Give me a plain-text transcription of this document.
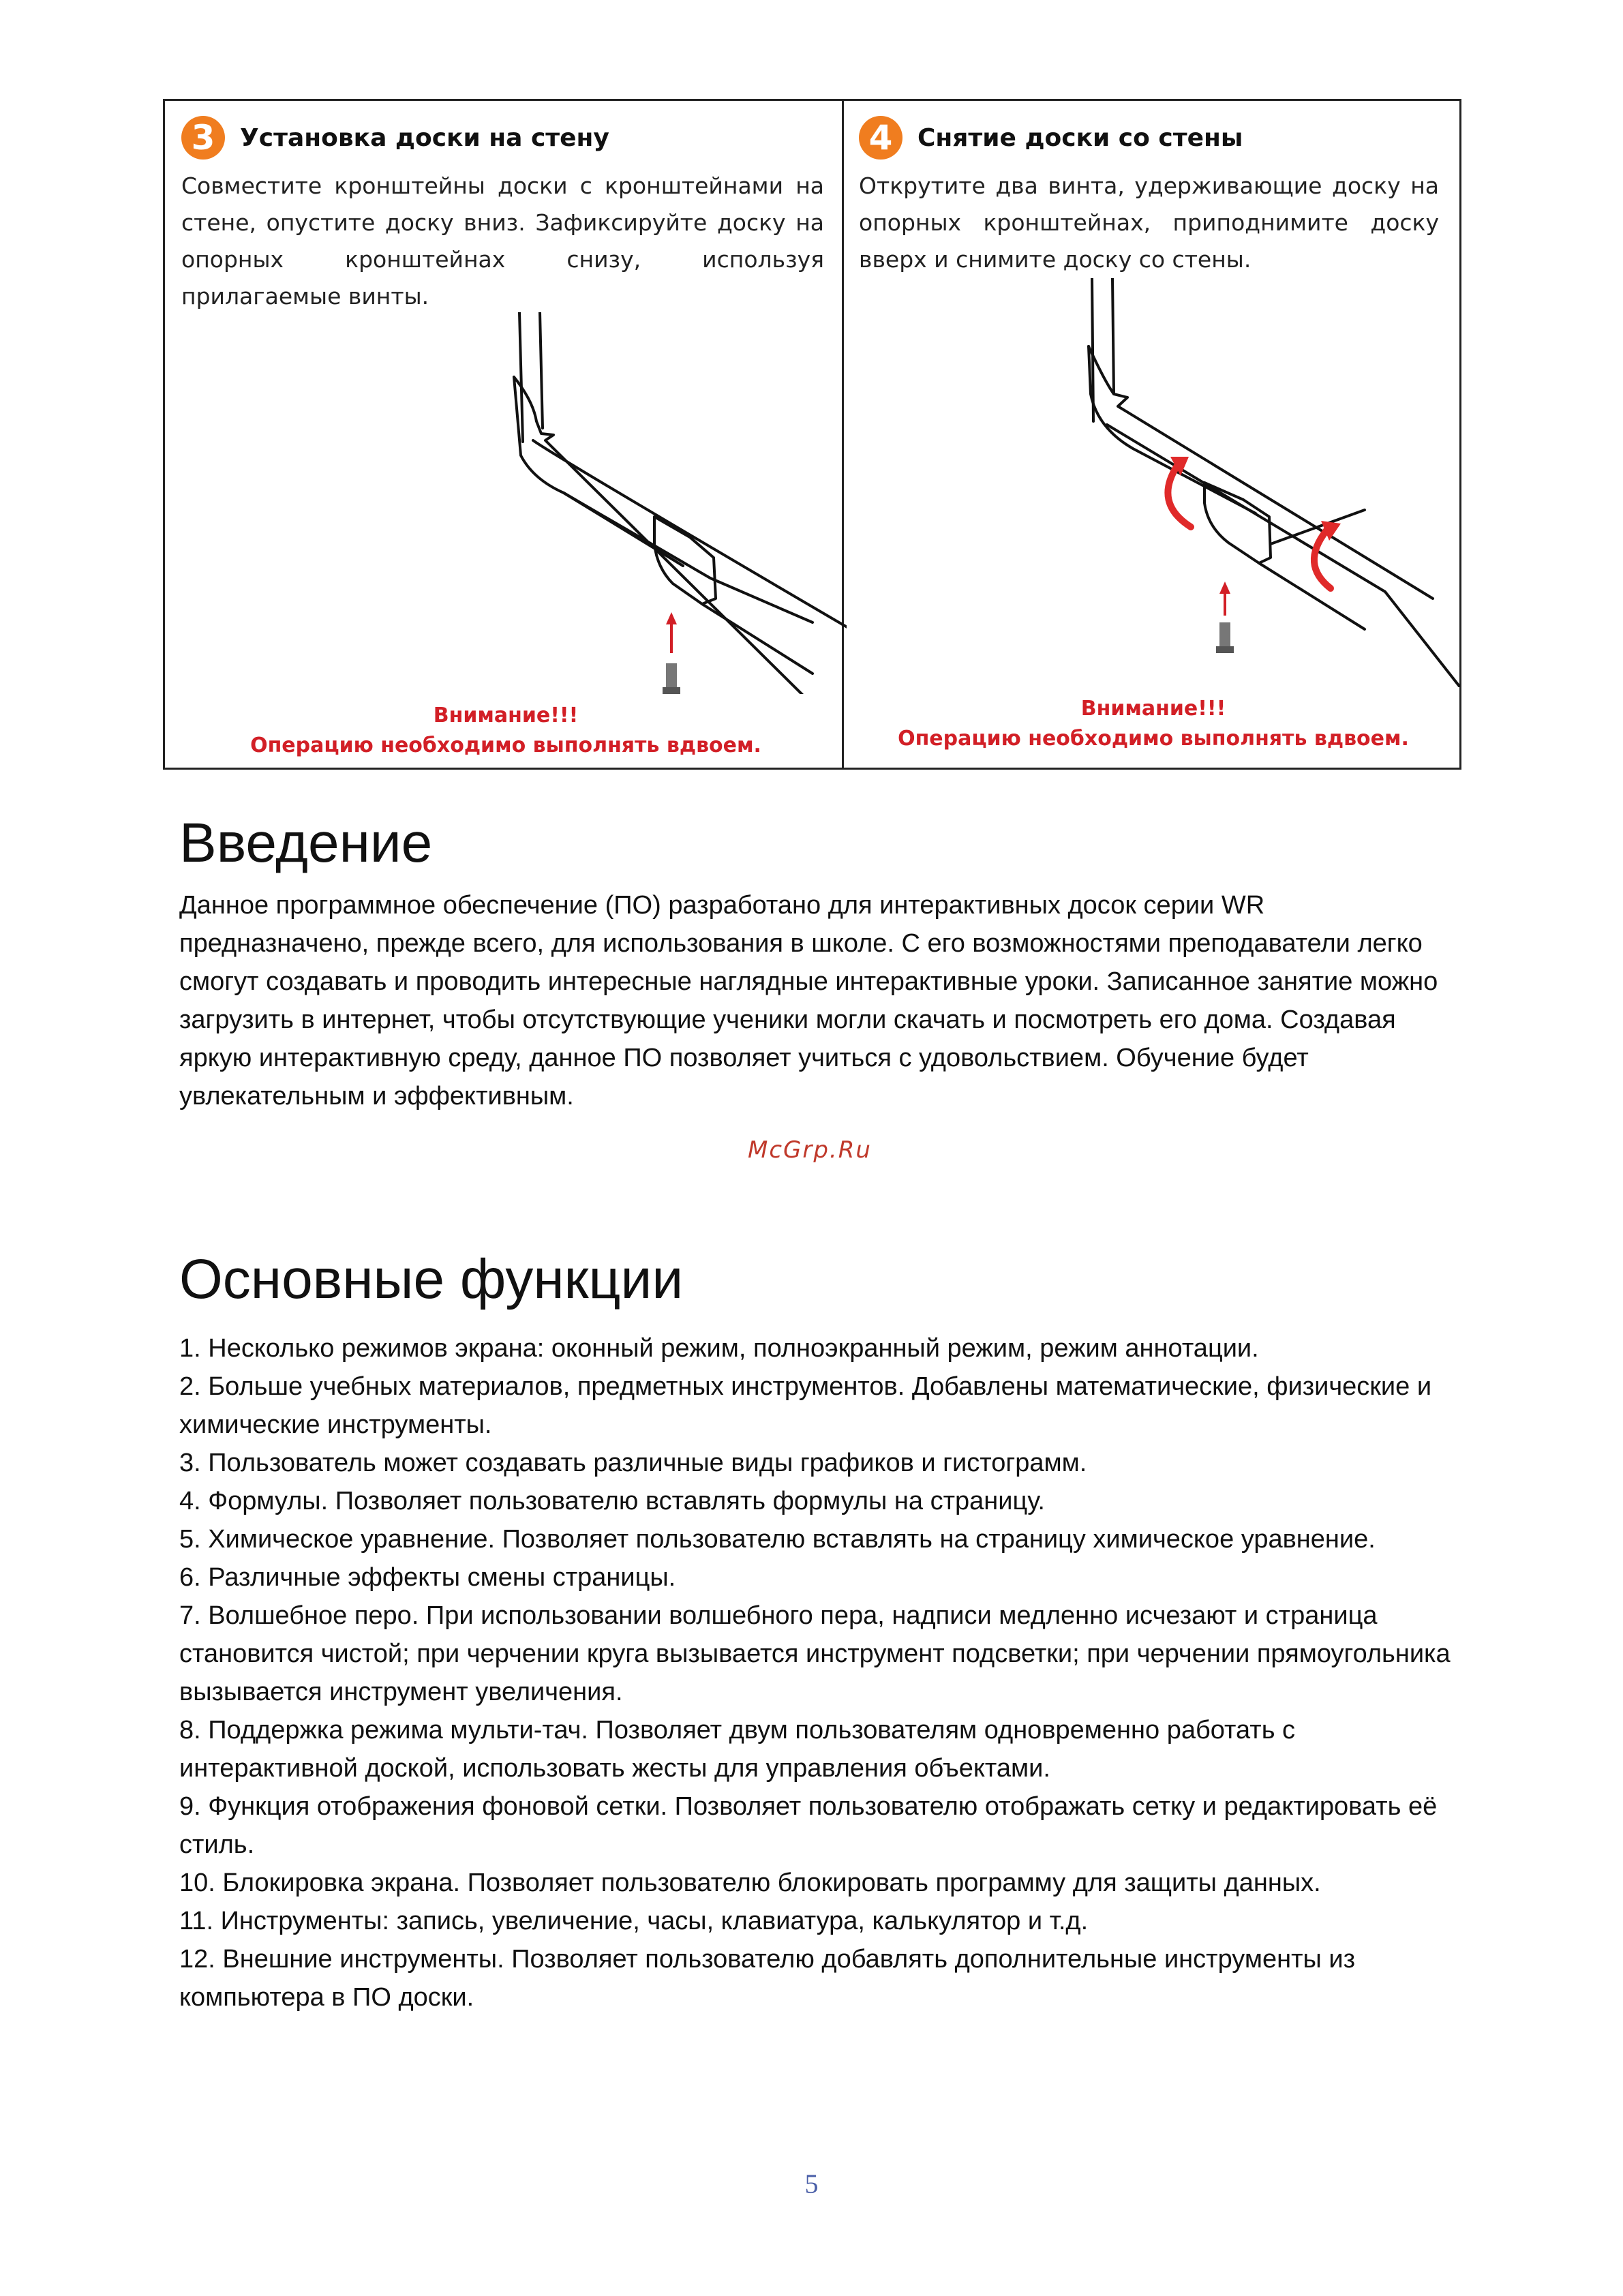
3	Установка доски на стену
Совместите кронштейны доски с кронштейнами на стене, опустите доску вниз. Зафиксируйте доску на опорных кронштейнах снизу, используя прилагаемые винты.
Внимание!!!
Операцию необходимо выполнять вдвоем.
4	Снятие доски со стены
Открутите два винта, удерживающие доску на опорных кронштейнах, приподнимите доску вверх и снимите доску со стены.
Внимание!!!
Операцию необходимо выполнять вдвоем.
Введение

Данное программное обеспечение (ПО) разработано для интерактивных досок серии WR предназначено, прежде всего, для использования в школе. С его возможностями преподаватели легко смогут создавать и проводить интересные наглядные интерактивные уроки. Записанное занятие можно загрузить в интернет, чтобы отсутствующие ученики могли скачать и посмотреть его дома. Создавая яркую интерактивную среду, данное ПО позволяет учиться с удовольствием. Обучение будет увлекательным и эффективным.

McGrp.Ru
Основные функции
1. Несколько режимов экрана: оконный режим, полноэкранный режим, режим аннотации.
2. Больше учебных материалов, предметных инструментов. Добавлены математические, физические и химические инструменты.
3. Пользователь может создавать различные виды графиков и гистограмм.
4. Формулы. Позволяет пользователю вставлять формулы на страницу.
5. Химическое уравнение. Позволяет пользователю вставлять на страницу химическое уравнение.
6. Различные эффекты смены страницы.
7. Волшебное перо. При использовании волшебного пера, надписи медленно исчезают и страница становится чистой; при черчении круга вызывается инструмент подсветки; при черчении прямоугольника вызывается инструмент увеличения.
8. Поддержка режима мульти-тач. Позволяет двум пользователям одновременно работать с интерактивной доской, использовать жесты для управления объектами.
9. Функция отображения фоновой сетки. Позволяет пользователю отображать сетку и редактировать её стиль.
10. Блокировка экрана. Позволяет пользователю блокировать программу для защиты данных.
11. Инструменты: запись, увеличение, часы, клавиатура, калькулятор и т.д.
12. Внешние инструменты. Позволяет пользователю добавлять дополнительные инструменты из компьютера в ПО доски.
5
